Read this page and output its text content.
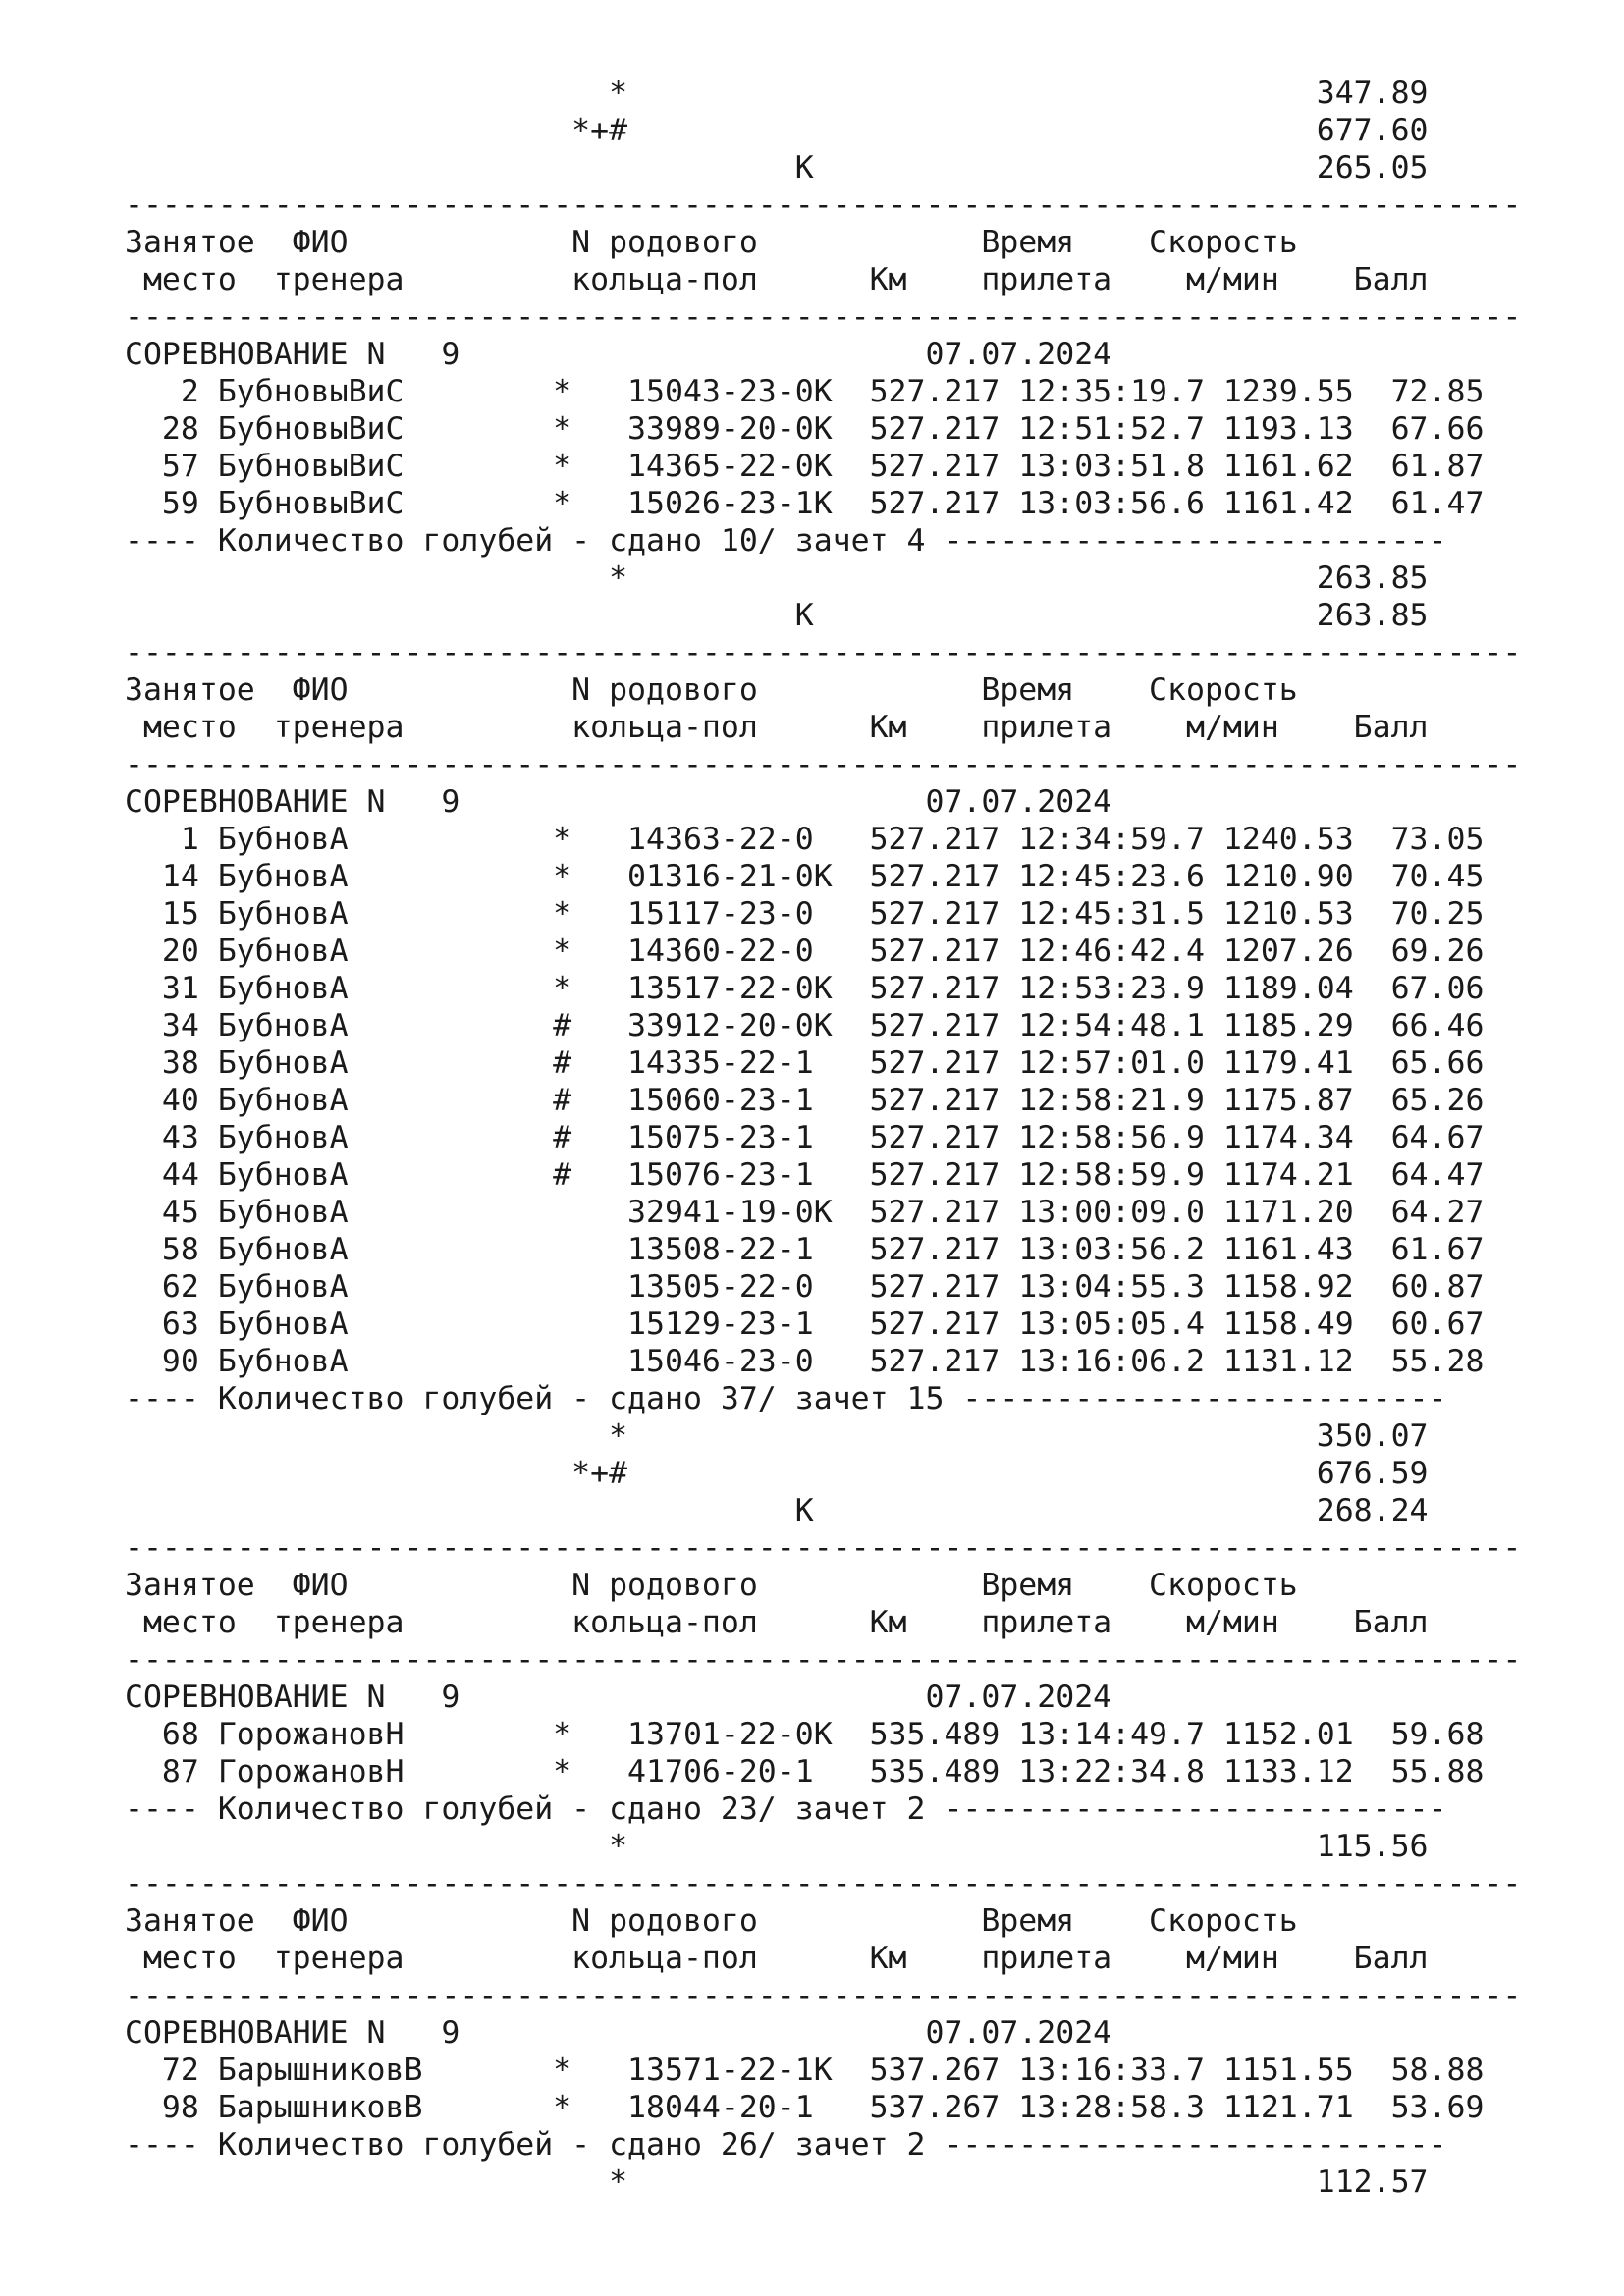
*                                     347.89
*+#                                     677.60
К                           265.05
---------------------------------------------------------------------------
Занятое  ФИО            N родового            Время    Скорость
место  тренера         кольца-пол      Км    прилета    м/мин    Балл
---------------------------------------------------------------------------
СОРЕВНОВАНИЕ N   9                         07.07.2024
2 БубновыВиС        *   15043-23-0К  527.217 12:35:19.7 1239.55  72.85
28 БубновыВиС        *   33989-20-0К  527.217 12:51:52.7 1193.13  67.66
57 БубновыВиС        *   14365-22-0К  527.217 13:03:51.8 1161.62  61.87
59 БубновыВиС        *   15026-23-1К  527.217 13:03:56.6 1161.42  61.47
---- Количество голубей - сдано 10/ зачет 4 ---------------------------
*                                     263.85
К                           263.85
---------------------------------------------------------------------------
Занятое  ФИО            N родового            Время    Скорость
место  тренера         кольца-пол      Км    прилета    м/мин    Балл
---------------------------------------------------------------------------
СОРЕВНОВАНИЕ N   9                         07.07.2024
1 БубновА           *   14363-22-0   527.217 12:34:59.7 1240.53  73.05
14 БубновА           *   01316-21-0К  527.217 12:45:23.6 1210.90  70.45
15 БубновА           *   15117-23-0   527.217 12:45:31.5 1210.53  70.25
20 БубновА           *   14360-22-0   527.217 12:46:42.4 1207.26  69.26
31 БубновА           *   13517-22-0К  527.217 12:53:23.9 1189.04  67.06
34 БубновА           #   33912-20-0К  527.217 12:54:48.1 1185.29  66.46
38 БубновА           #   14335-22-1   527.217 12:57:01.0 1179.41  65.66
40 БубновА           #   15060-23-1   527.217 12:58:21.9 1175.87  65.26
43 БубновА           #   15075-23-1   527.217 12:58:56.9 1174.34  64.67
44 БубновА           #   15076-23-1   527.217 12:58:59.9 1174.21  64.47
45 БубновА               32941-19-0К  527.217 13:00:09.0 1171.20  64.27
58 БубновА               13508-22-1   527.217 13:03:56.2 1161.43  61.67
62 БубновА               13505-22-0   527.217 13:04:55.3 1158.92  60.87
63 БубновА               15129-23-1   527.217 13:05:05.4 1158.49  60.67
90 БубновА               15046-23-0   527.217 13:16:06.2 1131.12  55.28
---- Количество голубей - сдано 37/ зачет 15 --------------------------
*                                     350.07
*+#                                     676.59
К                           268.24
---------------------------------------------------------------------------
Занятое  ФИО            N родового            Время    Скорость
место  тренера         кольца-пол      Км    прилета    м/мин    Балл
---------------------------------------------------------------------------
СОРЕВНОВАНИЕ N   9                         07.07.2024
68 ГорожановН        *   13701-22-0К  535.489 13:14:49.7 1152.01  59.68
87 ГорожановН        *   41706-20-1   535.489 13:22:34.8 1133.12  55.88
---- Количество голубей - сдано 23/ зачет 2 ---------------------------
*                                     115.56
---------------------------------------------------------------------------
Занятое  ФИО            N родового            Время    Скорость
место  тренера         кольца-пол      Км    прилета    м/мин    Балл
---------------------------------------------------------------------------
СОРЕВНОВАНИЕ N   9                         07.07.2024
72 БарышниковВ       *   13571-22-1К  537.267 13:16:33.7 1151.55  58.88
98 БарышниковВ       *   18044-20-1   537.267 13:28:58.3 1121.71  53.69
---- Количество голубей - сдано 26/ зачет 2 ---------------------------
*                                     112.57
